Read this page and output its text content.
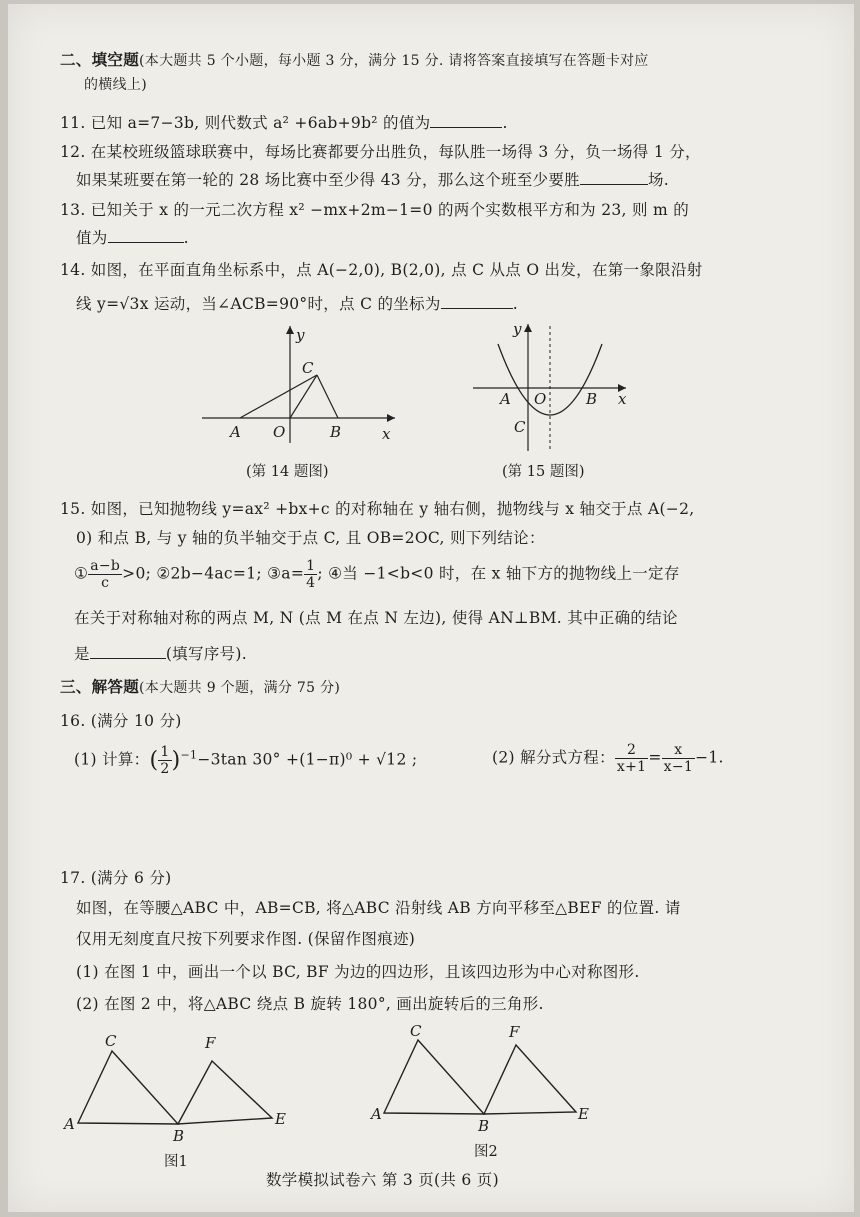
二、填空题(本大题共 5 个小题，每小题 3 分，满分 15 分. 请将答案直接填写在答题卡对应
的横线上)
11. 已知 a=7−3b, 则代数式 a² +6ab+9b² 的值为	.
12. 在某校班级篮球联赛中，每场比赛都要分出胜负，每队胜一场得 3 分，负一场得 1 分，
如果某班要在第一轮的 28 场比赛中至少得 43 分，那么这个班至少要胜	场.
13. 已知关于 x 的一元二次方程 x² −mx+2m−1=0 的两个实数根平方和为 23, 则 m 的
值为	.
14. 如图，在平面直角坐标系中，点 A(−2,0), B(2,0), 点 C 从点 O 出发，在第一象限沿射
线 y=√3x 运动，当∠ACB=90°时，点 C 的坐标为	.
y
C
A O	B	x
(第 14 题图)
y
A O	B x
C
(第 15 题图)
15. 如图，已知抛物线 y=ax² +bx+c 的对称轴在 y 轴右侧，抛物线与 x 轴交于点 A(−2,
0) 和点 B, 与 y 轴的负半轴交于点 C, 且 OB=2OC, 则下列结论：
① $\frac{a-b}{c} >0$; ②2b−4ac=1; ③a= $\frac{1}{4}$ ; ④当 −1<b<0 时，在 x 轴下方的抛物线上一定存
在关于对称轴对称的两点 M, N (点 M 在点 N 左边), 使得 AN⊥BM. 其中正确的结论
是	(填写序号).
三、解答题(本大题共 9 个题，满分 75 分)
16. (满分 10 分)
(1) 计算：( $\frac{1}{2} )^{-1}-3\tan$ 30° +(1−π)⁰ + √12 ;	(2) 解分式方程： $\frac{2}{x+1} = \frac{x}{x-1} -1$.
17. (满分 6 分)
如图，在等腰△ABC 中，AB=CB, 将△ABC 沿射线 AB 方向平移至△BEF 的位置. 请
仅用无刻度直尺按下列要求作图. (保留作图痕迹)
(1) 在图 1 中，画出一个以 BC, BF 为边的四边形，且该四边形为中心对称图形.
(2) 在图 2 中，将△ABC 绕点 B 旋转 180°, 画出旋转后的三角形.
C	F
A
B
E
图1
C	F
A
B
E
图2
数学模拟试卷六 第 3 页(共 6 页)
